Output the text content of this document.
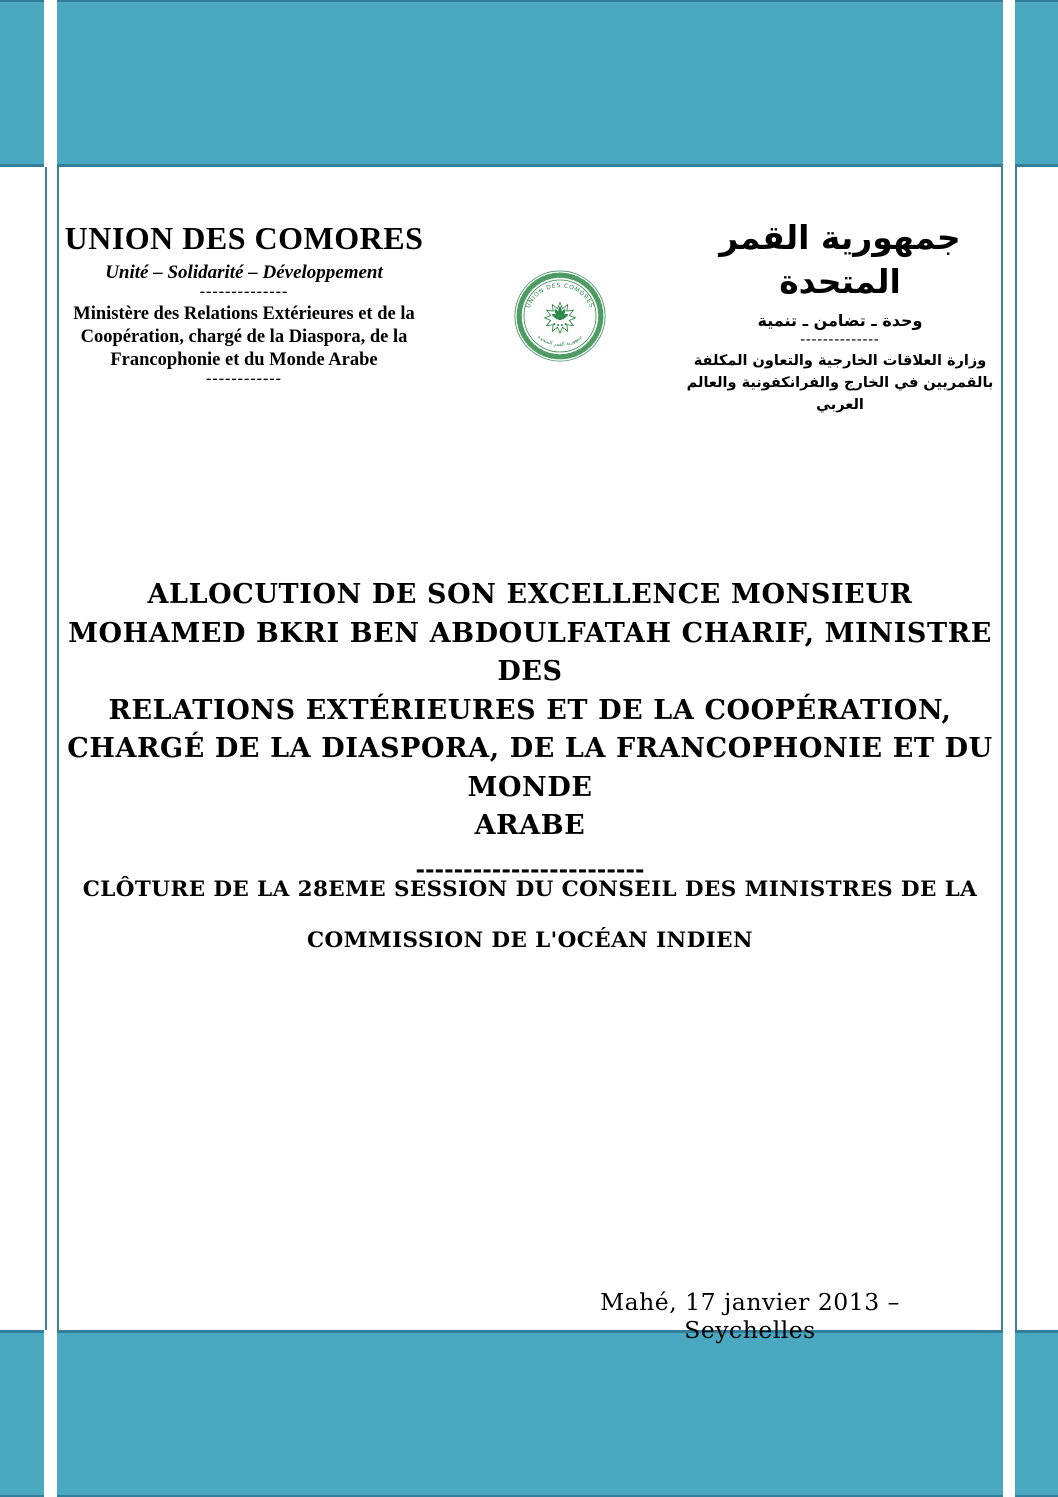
UNION DES COMORES
Unité – Solidarité – Développement
--------------
Ministère des Relations Extérieures et de la
Coopération, chargé de la Diaspora, de la
Francophonie et du Monde Arabe
------------
UNION DES COMORES
جمهورية القمر المتحدة
جمهورية القمر المتحدة
وحدة ـ تضامن ـ تنمية
--------------
وزارة العلاقات الخارجية والتعاون المكلفة
بالقمريين في الخارج والفرانكفونية والعالم العربي
ALLOCUTION DE SON EXCELLENCE MONSIEUR
MOHAMED BKRI BEN ABDOULFATAH CHARIF, MINISTRE DES
RELATIONS EXTÉRIEURES ET DE LA COOPÉRATION,
CHARGÉ DE LA DIASPORA, DE LA FRANCOPHONIE ET DU MONDE
ARABE
------------------------
CLÔTURE DE LA 28EME SESSION DU CONSEIL DES MINISTRES DE LA
COMMISSION DE L'OCÉAN INDIEN
Mahé, 17 janvier 2013 – Seychelles
